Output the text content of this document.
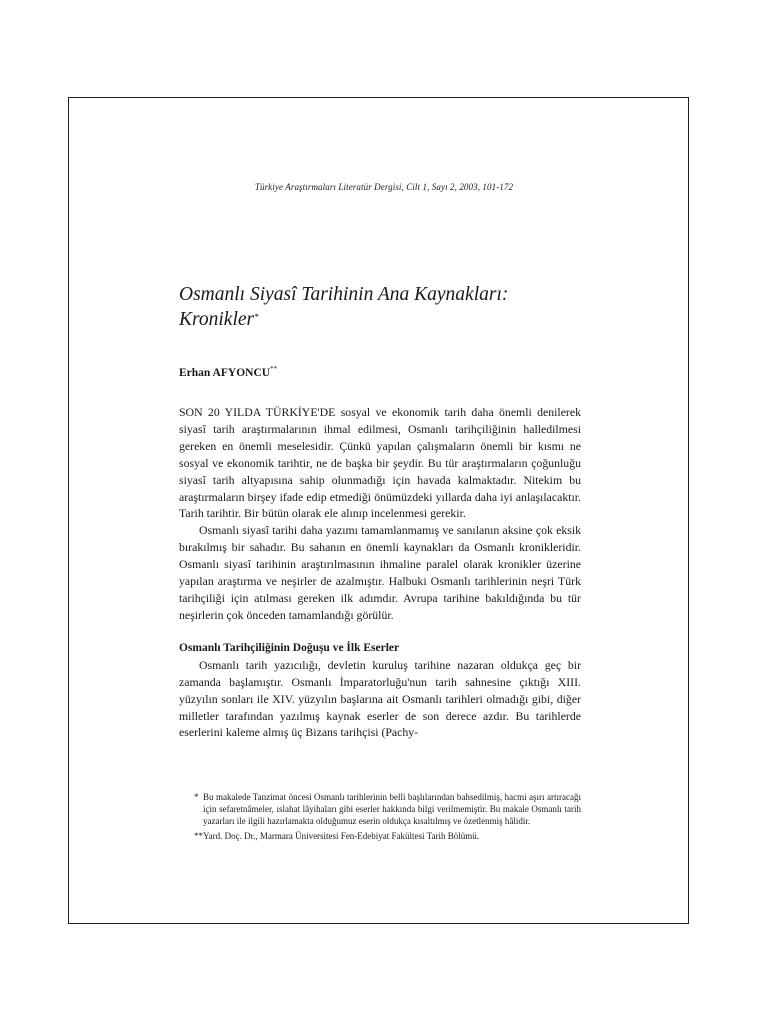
Türkiye Araştırmaları Literatür Dergisi, Cilt 1, Sayı 2, 2003, 101-172
Osmanlı Siyasî Tarihinin Ana Kaynakları:
Kronikler*
Erhan AFYONCU**

SON 20 YILDA TÜRKİYE'DE sosyal ve ekonomik tarih daha önemli denilerek siyasî tarih araştırmalarının ihmal edilmesi, Osmanlı tarihçiliğinin halledilmesi gereken en önemli meselesidir. Çünkü yapılan çalışmaların önemli bir kısmı ne sosyal ve ekonomik tarihtir, ne de başka bir şeydir. Bu tür araştırmaların çoğunluğu siyasî tarih altyapısına sahip olunmadığı için havada kalmaktadır. Nitekim bu araştırmaların birşey ifade edip etmediği önümüzdeki yıllarda daha iyi anlaşılacaktır. Tarih tarihtir. Bir bütün olarak ele alınıp incelenmesi gerekir.

Osmanlı siyasî tarihi daha yazımı tamamlanmamış ve sanılanın aksine çok eksik bırakılmış bir sahadır. Bu sahanın en önemli kaynakları da Osmanlı kronikleridir. Osmanlı siyasî tarihinin araştırılmasının ihmaline paralel olarak kronikler üzerine yapılan araştırma ve neşirler de azalmıştır. Halbuki Osmanlı tarihlerinin neşri Türk tarihçiliği için atılması gereken ilk adımdır. Avrupa tarihine bakıldığında bu tür neşirlerin çok önceden tamamlandığı görülür.

Osmanlı Tarihçiliğinin Doğuşu ve İlk Eserler

Osmanlı tarih yazıcılığı, devletin kuruluş tarihine nazaran oldukça geç bir zamanda başlamıştır. Osmanlı İmparatorluğu'nun tarih sahnesine çıktığı XIII. yüzyılın sonları ile XIV. yüzyılın başlarına ait Osmanlı tarihleri olmadığı gibi, diğer milletler tarafından yazılmış kaynak eserler de son derece azdır. Bu tarihlerde eserlerini kaleme almış üç Bizans tarihçisi (Pachy-

* Bu makalede Tanzimat öncesi Osmanlı tarihlerinin belli başlılarından bahsedilmiş, hacmi aşırı artıracağı için sefaretnâmeler, ıslahat lâyihaları gibi eserler hakkında bilgi verilmemiştir. Bu makale Osmanlı tarih yazarları ile ilgili hazırlamakta olduğumuz eserin oldukça kısaltılmış ve özetlenmiş hâlidir.
** Yard. Doç. Dr., Marmara Üniversitesi Fen-Edebiyat Fakültesi Tarih Bölümü.
